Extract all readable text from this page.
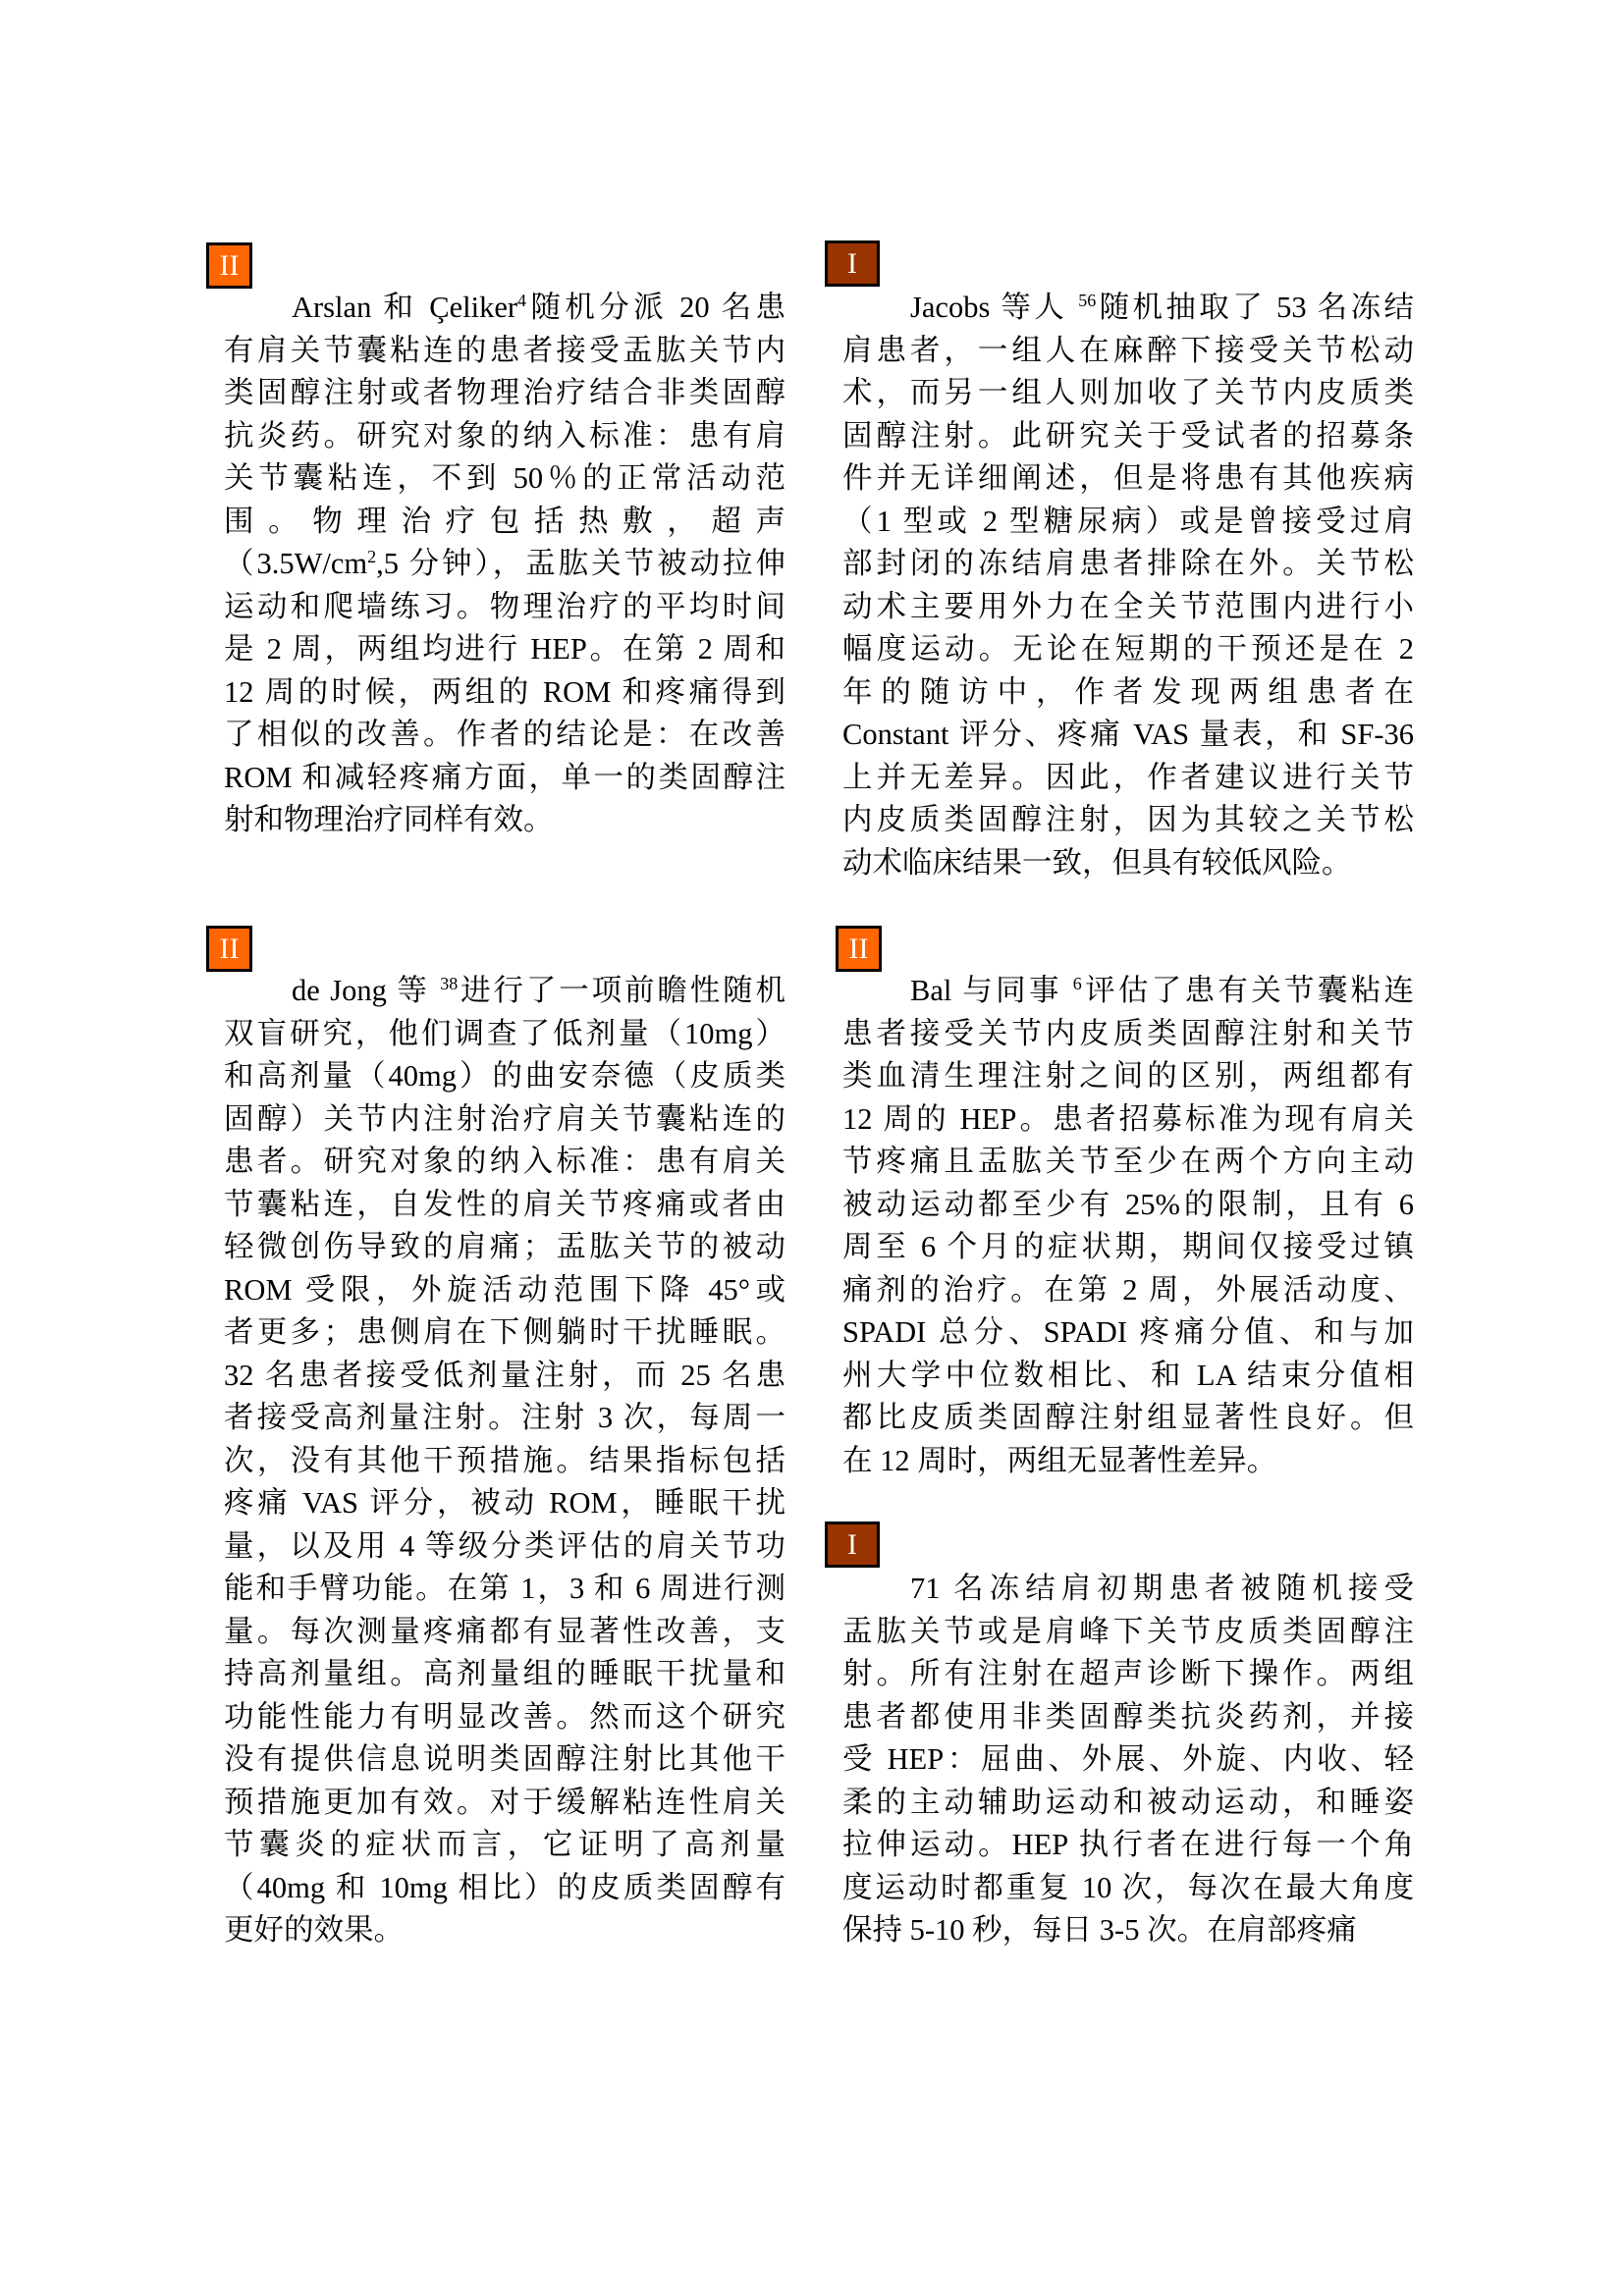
II
Arslan 和 Çeliker$^4$随机分派 20 名患
有肩关节囊粘连的患者接受盂肱关节内
类固醇注射或者物理治疗结合非类固醇
抗炎药。研究对象的纳入标准：患有肩
关节囊粘连，不到 50％的正常活动范
围。物理治疗包括热敷，超声
（$3.5W/cm^2,5$ 分钟），盂肱关节被动拉伸
运动和爬墙练习。物理治疗的平均时间
是 2 周，两组均进行 HEP。在第 2 周和
12 周的时候，两组的 ROM 和疼痛得到
了相似的改善。作者的结论是：在改善
ROM 和减轻疼痛方面，单一的类固醇注
射和物理治疗同样有效。
I
Jacobs 等人 $^{56}$随机抽取了 53 名冻结
肩患者，一组人在麻醉下接受关节松动
术，而另一组人则加收了关节内皮质类
固醇注射。此研究关于受试者的招募条
件并无详细阐述，但是将患有其他疾病
（1 型或 2 型糖尿病）或是曾接受过肩
部封闭的冻结肩患者排除在外。关节松
动术主要用外力在全关节范围内进行小
幅度运动。无论在短期的干预还是在 2
年的随访中，作者发现两组患者在
Constant 评分、疼痛 VAS 量表，和 SF-36
上并无差异。因此，作者建议进行关节
内皮质类固醇注射，因为其较之关节松
动术临床结果一致，但具有较低风险。
II
de Jong 等 $^{38}$进行了一项前瞻性随机
双盲研究，他们调查了低剂量（10mg）
和高剂量（40mg）的曲安奈德（皮质类
固醇）关节内注射治疗肩关节囊粘连的
患者。研究对象的纳入标准：患有肩关
节囊粘连，自发性的肩关节疼痛或者由
轻微创伤导致的肩痛；盂肱关节的被动
ROM 受限，外旋活动范围下降 45°或
者更多；患侧肩在下侧躺时干扰睡眠。
32 名患者接受低剂量注射，而 25 名患
者接受高剂量注射。注射 3 次，每周一
次，没有其他干预措施。结果指标包括
疼痛 VAS 评分，被动 ROM，睡眠干扰
量，以及用 4 等级分类评估的肩关节功
能和手臂功能。在第 1，3 和 6 周进行测
量。每次测量疼痛都有显著性改善，支
持高剂量组。高剂量组的睡眠干扰量和
功能性能力有明显改善。然而这个研究
没有提供信息说明类固醇注射比其他干
预措施更加有效。对于缓解粘连性肩关
节囊炎的症状而言，它证明了高剂量
（40mg 和 10mg 相比）的皮质类固醇有
更好的效果。
II
Bal 与同事 $^6$评估了患有关节囊粘连
患者接受关节内皮质类固醇注射和关节
类血清生理注射之间的区别，两组都有
12 周的 HEP。患者招募标准为现有肩关
节疼痛且盂肱关节至少在两个方向主动
被动运动都至少有 25%的限制，且有 6
周至 6 个月的症状期，期间仅接受过镇
痛剂的治疗。在第 2 周，外展活动度、
SPADI 总分、SPADI 疼痛分值、和与加
州大学中位数相比、和 LA 结束分值相
都比皮质类固醇注射组显著性良好。但
在 12 周时，两组无显著性差异。
I
71 名冻结肩初期患者被随机接受
盂肱关节或是肩峰下关节皮质类固醇注
射。所有注射在超声诊断下操作。两组
患者都使用非类固醇类抗炎药剂，并接
受 HEP：屈曲、外展、外旋、内收、轻
柔的主动辅助运动和被动运动，和睡姿
拉伸运动。HEP 执行者在进行每一个角
度运动时都重复 10 次，每次在最大角度
保持 5-10 秒，每日 3-5 次。在肩部疼痛
